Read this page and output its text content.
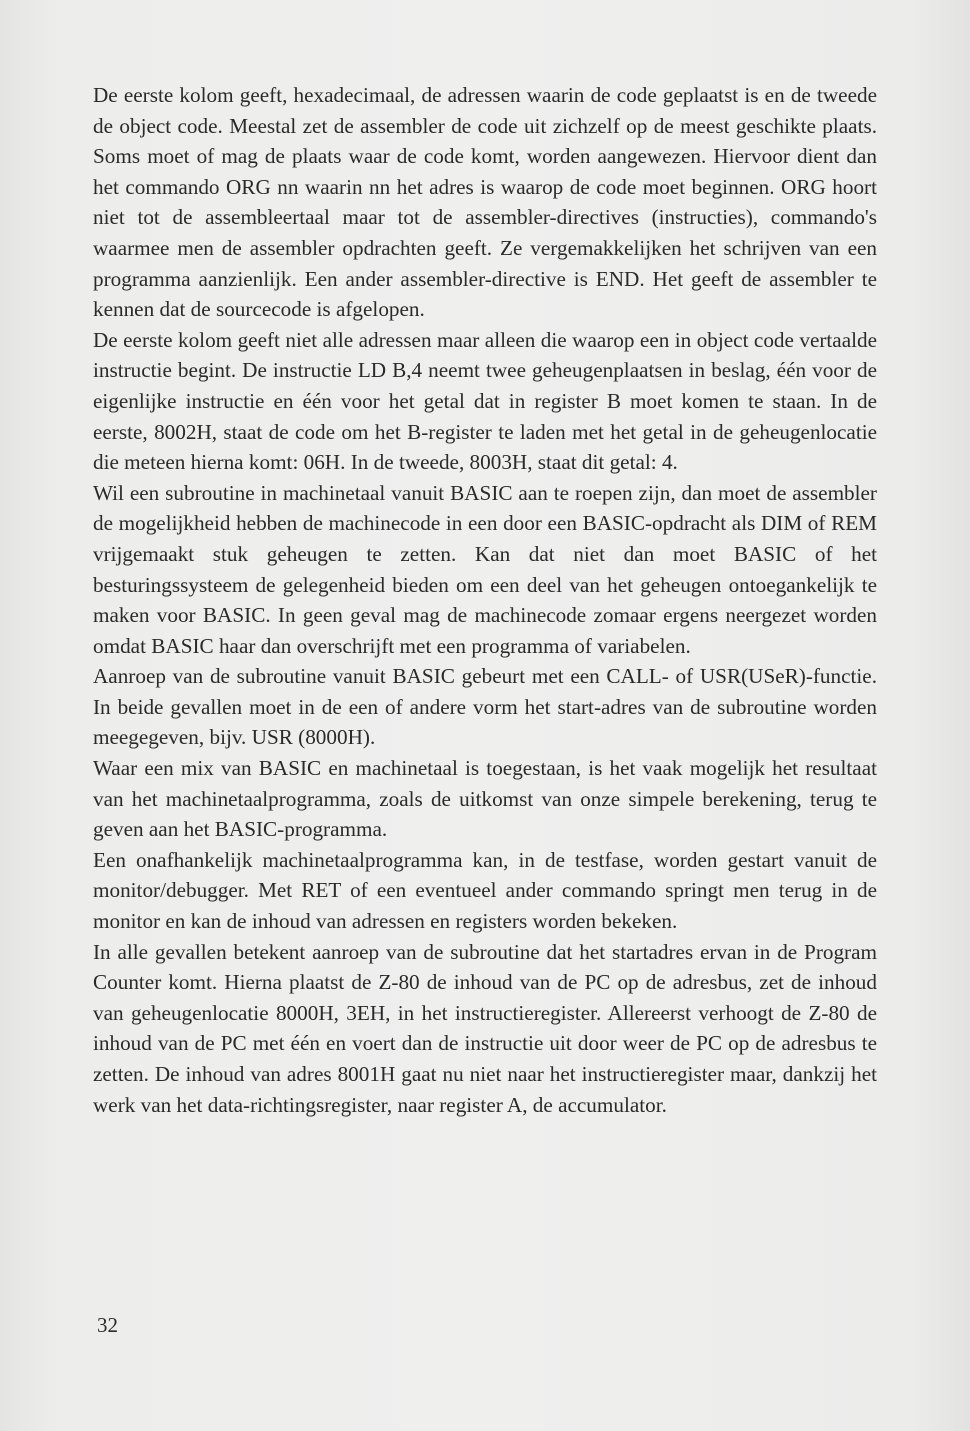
De eerste kolom geeft, hexadecimaal, de adressen waarin de code geplaatst is en de tweede de object code. Meestal zet de assembler de code uit zichzelf op de meest geschikte plaats. Soms moet of mag de plaats waar de code komt, worden aangewezen. Hiervoor dient dan het commando ORG nn waarin nn het adres is waarop de code moet beginnen. ORG hoort niet tot de assembleertaal maar tot de assembler-directives (instructies), commando's waarmee men de assembler opdrachten geeft. Ze vergemakkelijken het schrijven van een programma aanzienlijk. Een ander assembler-directive is END. Het geeft de assembler te kennen dat de sourcecode is afgelopen.

De eerste kolom geeft niet alle adressen maar alleen die waarop een in object code vertaalde instructie begint. De instructie LD B,4 neemt twee geheugenplaatsen in beslag, één voor de eigenlijke instructie en één voor het getal dat in register B moet komen te staan. In de eerste, 8002H, staat de code om het B-register te laden met het getal in de geheugenlocatie die meteen hierna komt: 06H. In de tweede, 8003H, staat dit getal: 4.

Wil een subroutine in machinetaal vanuit BASIC aan te roepen zijn, dan moet de assembler de mogelijkheid hebben de machinecode in een door een BASIC-opdracht als DIM of REM vrijgemaakt stuk geheugen te zetten. Kan dat niet dan moet BASIC of het besturingssysteem de gelegenheid bieden om een deel van het geheugen ontoegankelijk te maken voor BASIC. In geen geval mag de machinecode zomaar ergens neergezet worden omdat BASIC haar dan overschrijft met een programma of variabelen.

Aanroep van de subroutine vanuit BASIC gebeurt met een CALL- of USR(USeR)-functie. In beide gevallen moet in de een of andere vorm het start-adres van de subroutine worden meegegeven, bijv. USR (8000H).

Waar een mix van BASIC en machinetaal is toegestaan, is het vaak mogelijk het resultaat van het machinetaalprogramma, zoals de uitkomst van onze simpele berekening, terug te geven aan het BASIC-programma.

Een onafhankelijk machinetaalprogramma kan, in de testfase, worden gestart vanuit de monitor/debugger. Met RET of een eventueel ander commando springt men terug in de monitor en kan de inhoud van adressen en registers worden bekeken.

In alle gevallen betekent aanroep van de subroutine dat het startadres ervan in de Program Counter komt. Hierna plaatst de Z-80 de inhoud van de PC op de adresbus, zet de inhoud van geheugenlocatie 8000H, 3EH, in het instructieregister. Allereerst verhoogt de Z-80 de inhoud van de PC met één en voert dan de instructie uit door weer de PC op de adresbus te zetten. De inhoud van adres 8001H gaat nu niet naar het instructieregister maar, dankzij het werk van het data-richtingsregister, naar register A, de accumulator.

32
